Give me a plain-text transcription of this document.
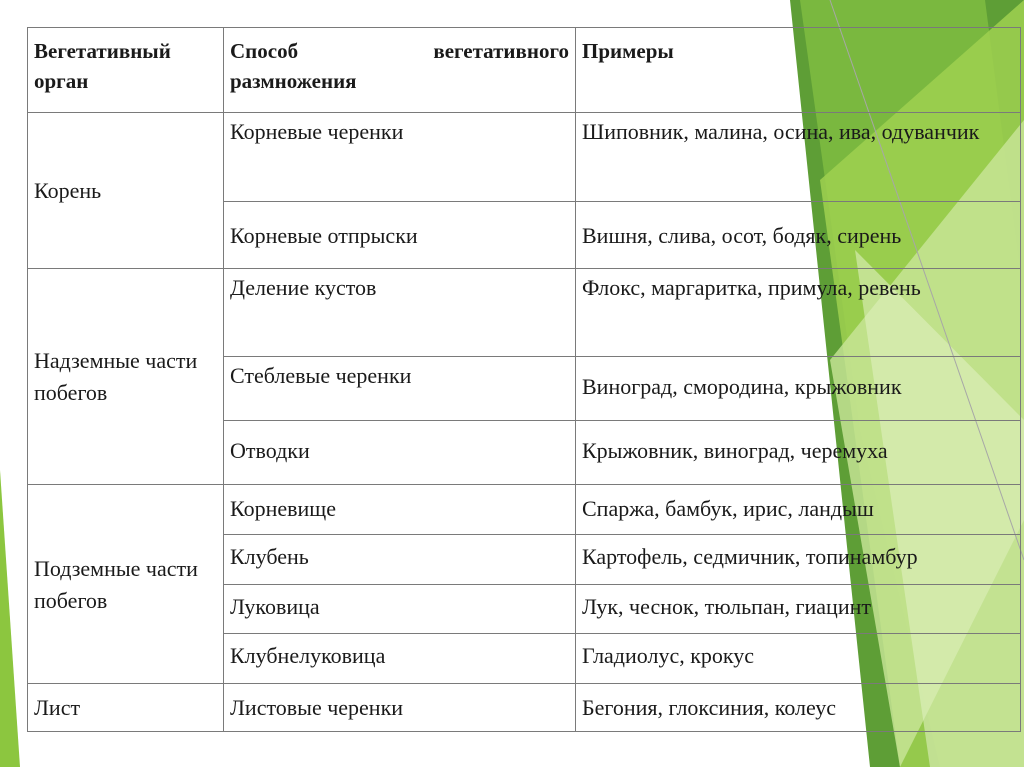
Вегетативный орган	Способ вегетативного размножения	Примеры
Корень	Корневые черенки	Шиповник, малина, осина, ива, одуванчик
	Корневые отпрыски	Вишня, слива, осот, бодяк, сирень
Надземные части побегов	Деление кустов	Флокс, маргаритка, примула, ревень
	Стеблевые черенки	Виноград, смородина, крыжовник
	Отводки	Крыжовник, виноград, черемуха
Подземные части побегов	Корневище	Спаржа, бамбук, ирис, ландыш
	Клубень	Картофель, седмичник, топинамбур
	Луковица	Лук, чеснок, тюльпан, гиацинт
	Клубнелуковица	Гладиолус, крокус
Лист	Листовые черенки	Бегония, глоксиния, колеус
